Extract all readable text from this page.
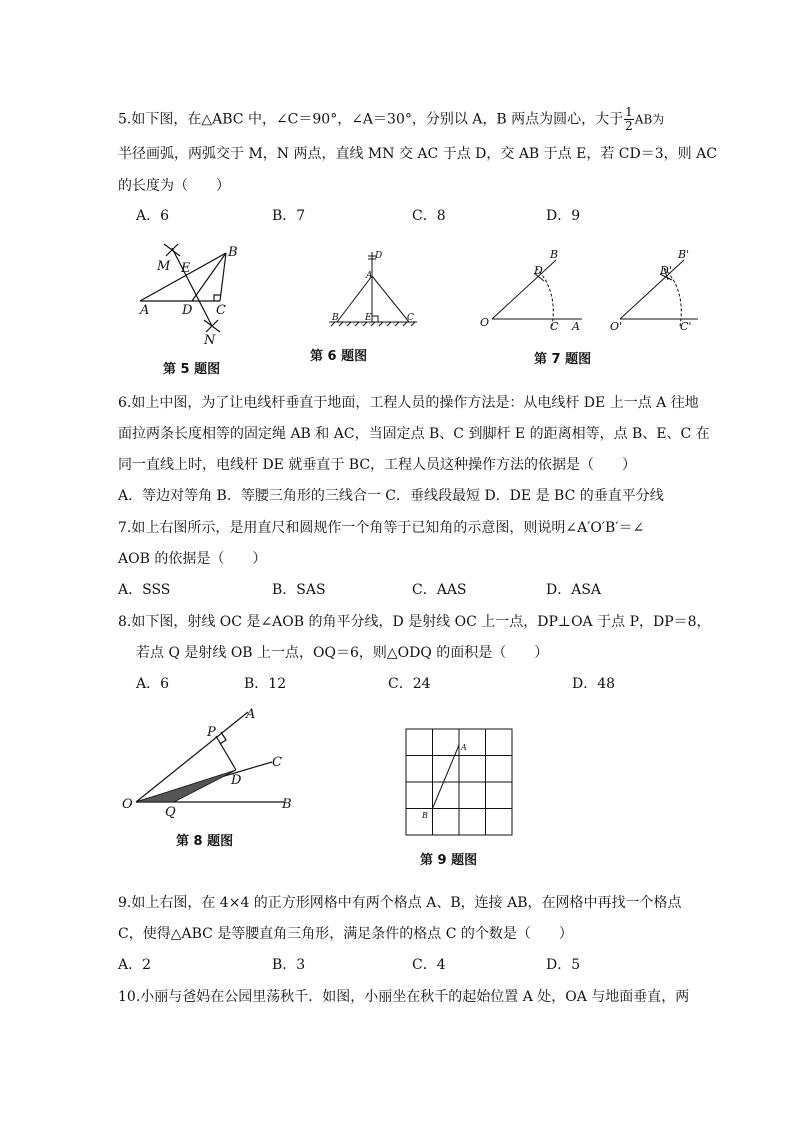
5.如下图，在△ABC 中，∠C＝90°，∠A＝30°，分别以 A，B 两点为圆心，大于 $\frac{1}{2}$ AB为
半径画弧，两弧交于 M，N 两点，直线 MN 交 AC 于点 D，交 AB 于点 E，若 CD＝3，则 AC
的长度为（　　）
A．6	B．7	C．8	D．9
M E
B
A	D C
N
第 5 题图
D
A
B	E	C
第 6 题图
B
D
O	C A
B'
D'
O'	C'
第 7 题图
6.如上中图，为了让电线杆垂直于地面，工程人员的操作方法是：从电线杆 DE 上一点 A 往地
面拉两条长度相等的固定绳 AB 和 AC，当固定点 B、C 到脚杆 E 的距离相等，点 B、E、C 在
同一直线上时，电线杆 DE 就垂直于 BC，工程人员这种操作方法的依据是（　　）
A．等边对等角 B．等腰三角形的三线合一 C．垂线段最短 D．DE 是 BC 的垂直平分线
7.如上右图所示，是用直尺和圆规作一个角等于已知角的示意图，则说明∠A′O′B′＝∠
AOB 的依据是（　　）
A．SSS	B．SAS	C．AAS	D．ASA
8.如下图，射线 OC 是∠AOB 的角平分线，D 是射线 OC 上一点，DP⊥OA 于点 P，DP＝8，
若点 Q 是射线 OB 上一点，OQ＝6，则△ODQ 的面积是（　　）
A．6	B．12	C．24	D．48
A
P
C
D
O
Q
B
第 8 题图
A
B
第 9 题图
9.如上右图，在 4×4 的正方形网格中有两个格点 A、B，连接 AB，在网格中再找一个格点
C，使得△ABC 是等腰直角三角形，满足条件的格点 C 的个数是（　　）
A．2	B．3	C．4	D．5
10.小丽与爸妈在公园里荡秋千．如图，小丽坐在秋千的起始位置 A 处，OA 与地面垂直，两
